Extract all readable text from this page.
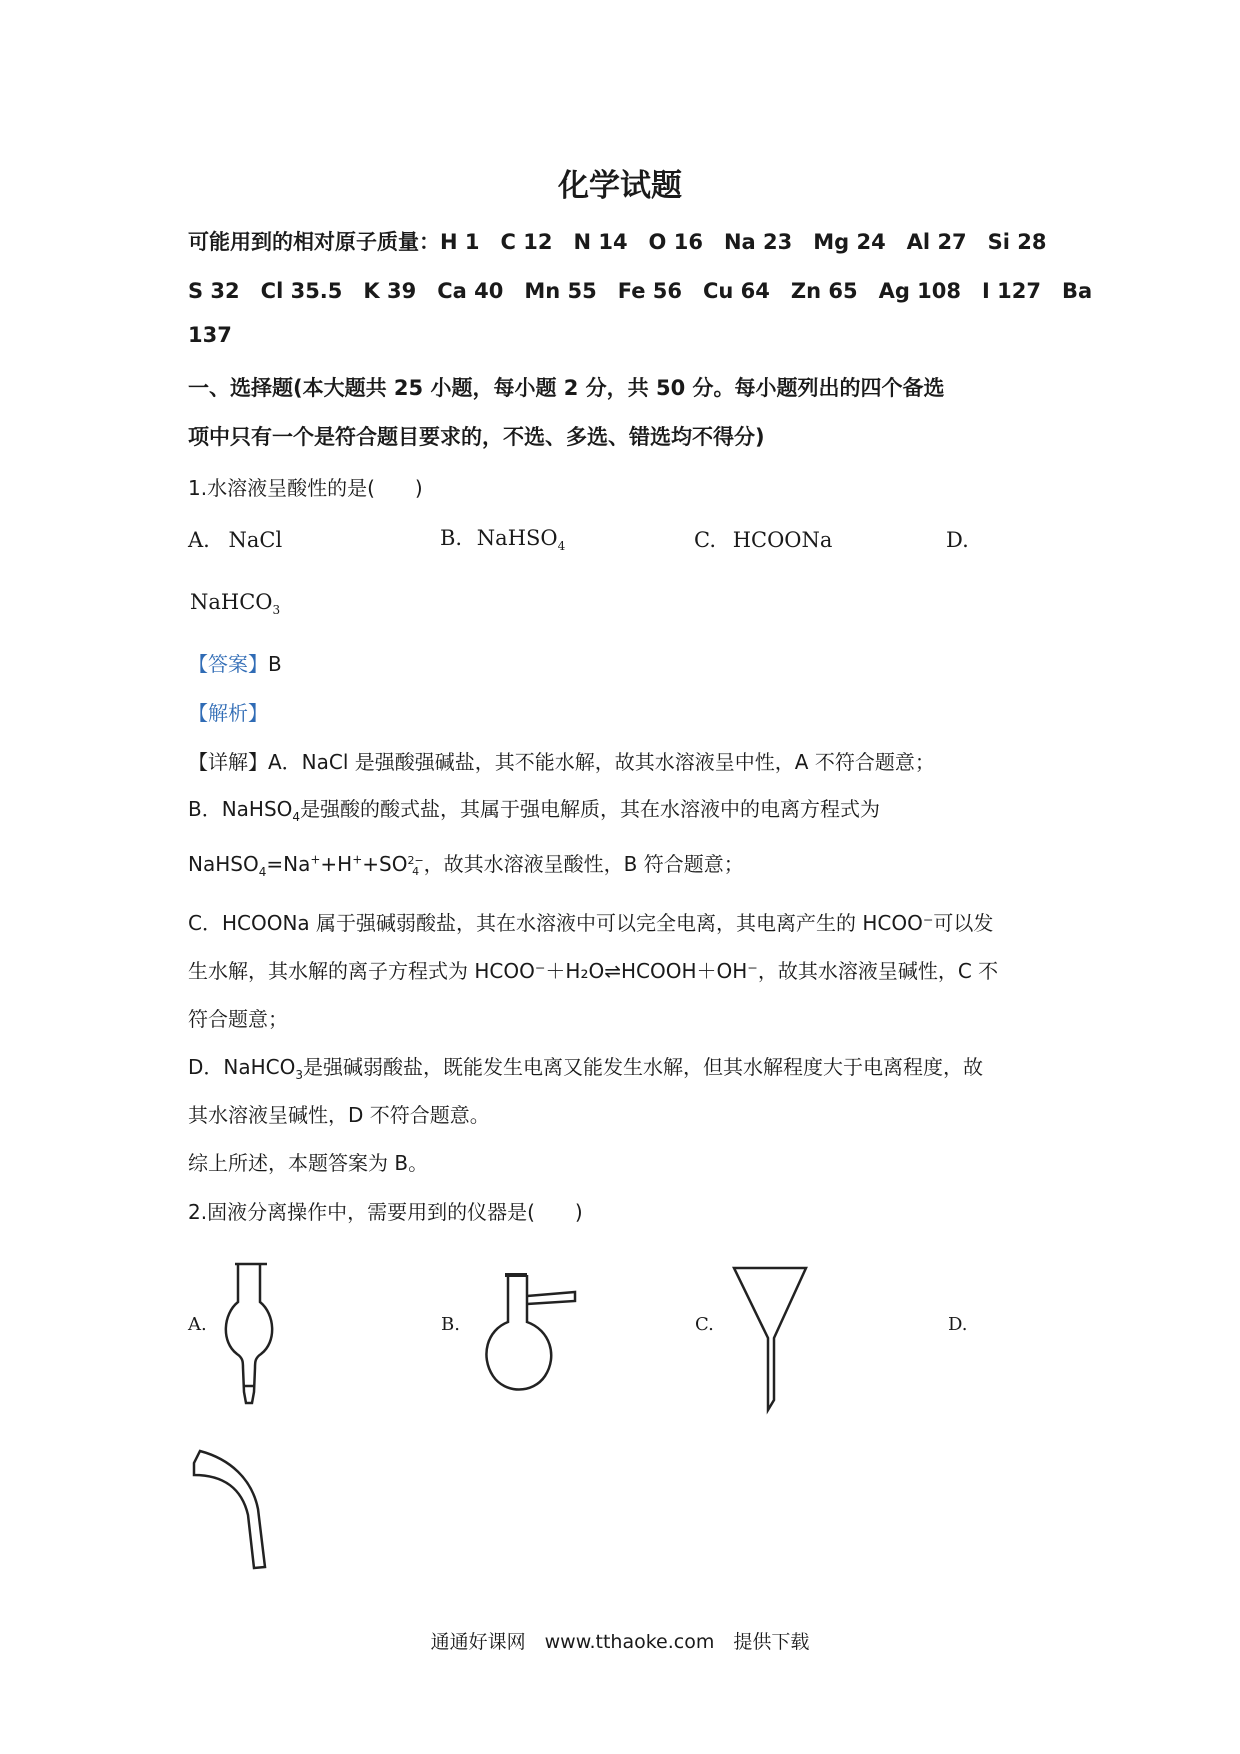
化学试题
可能用到的相对原子质量：H 1　C 12　N 14　O 16　Na 23　Mg 24　Al 27　Si 28
S 32　Cl 35.5　K 39　Ca 40　Mn 55　Fe 56　Cu 64　Zn 65　Ag 108　I 127　Ba
137
一、选择题(本大题共 25 小题，每小题 2 分，共 50 分。每小题列出的四个备选
项中只有一个是符合题目要求的，不选、多选、错选均不得分)
1.水溶液呈酸性的是(　　)
A. NaCl	B. NaHSO$_4$	C. HCOONa	D.
NaHCO$_3$
【答案】B
【解析】
【详解】A．NaCl 是强酸强碱盐，其不能水解，故其水溶液呈中性，A 不符合题意；
B．NaHSO$_4$是强酸的酸式盐，其属于强电解质，其在水溶液中的电离方程式为
NaHSO$_4$=Na++H++SO2−
4 ，故其水溶液呈酸性，B 符合题意；
C．HCOONa 属于强碱弱酸盐，其在水溶液中可以完全电离，其电离产生的 HCOO⁻可以发
生水解，其水解的离子方程式为 HCOO⁻＋H₂O⇌HCOOH＋OH⁻，故其水溶液呈碱性，C 不
符合题意；
D．NaHCO$_3$是强碱弱酸盐，既能发生电离又能发生水解，但其水解程度大于电离程度，故
其水溶液呈碱性，D 不符合题意。
综上所述，本题答案为 B。
2.固液分离操作中，需要用到的仪器是(　　)
A.	B.	C.	D.
通通好课网　www.tthaoke.com　提供下载
